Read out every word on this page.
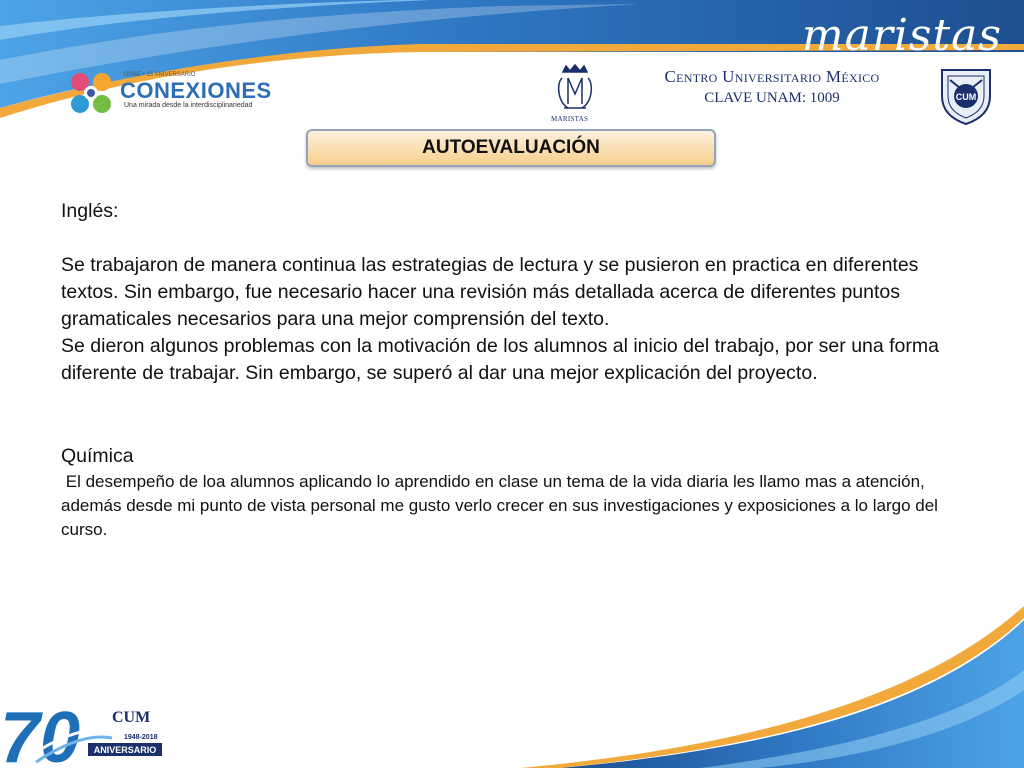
maristas
DGBE • 15 ANIVERSARIO
CONEXIONES
Una mirada desde la interdisciplinariedad
MARISTAS
Centro Universitario México
CLAVE UNAM: 1009	CUM
AUTOEVALUACIÓN

Inglés:

Se trabajaron de manera continua las estrategias de lectura y se pusieron en practica en diferentes textos. Sin embargo, fue necesario hacer una revisión más detallada acerca de diferentes puntos gramaticales necesarios para una mejor comprensión del texto.

Se dieron algunos problemas con la motivación de los alumnos al inicio del trabajo, por ser una forma diferente de trabajar. Sin embargo, se superó al dar una mejor explicación del proyecto.

Química

El desempeño de loa alumnos aplicando lo aprendido en clase un tema de la vida diaria les llamo mas a atención, además desde mi punto de vista personal me gusto verlo crecer en sus investigaciones y exposiciones a lo largo del curso.

70 CUM
1948-2018
ANIVERSARIO
